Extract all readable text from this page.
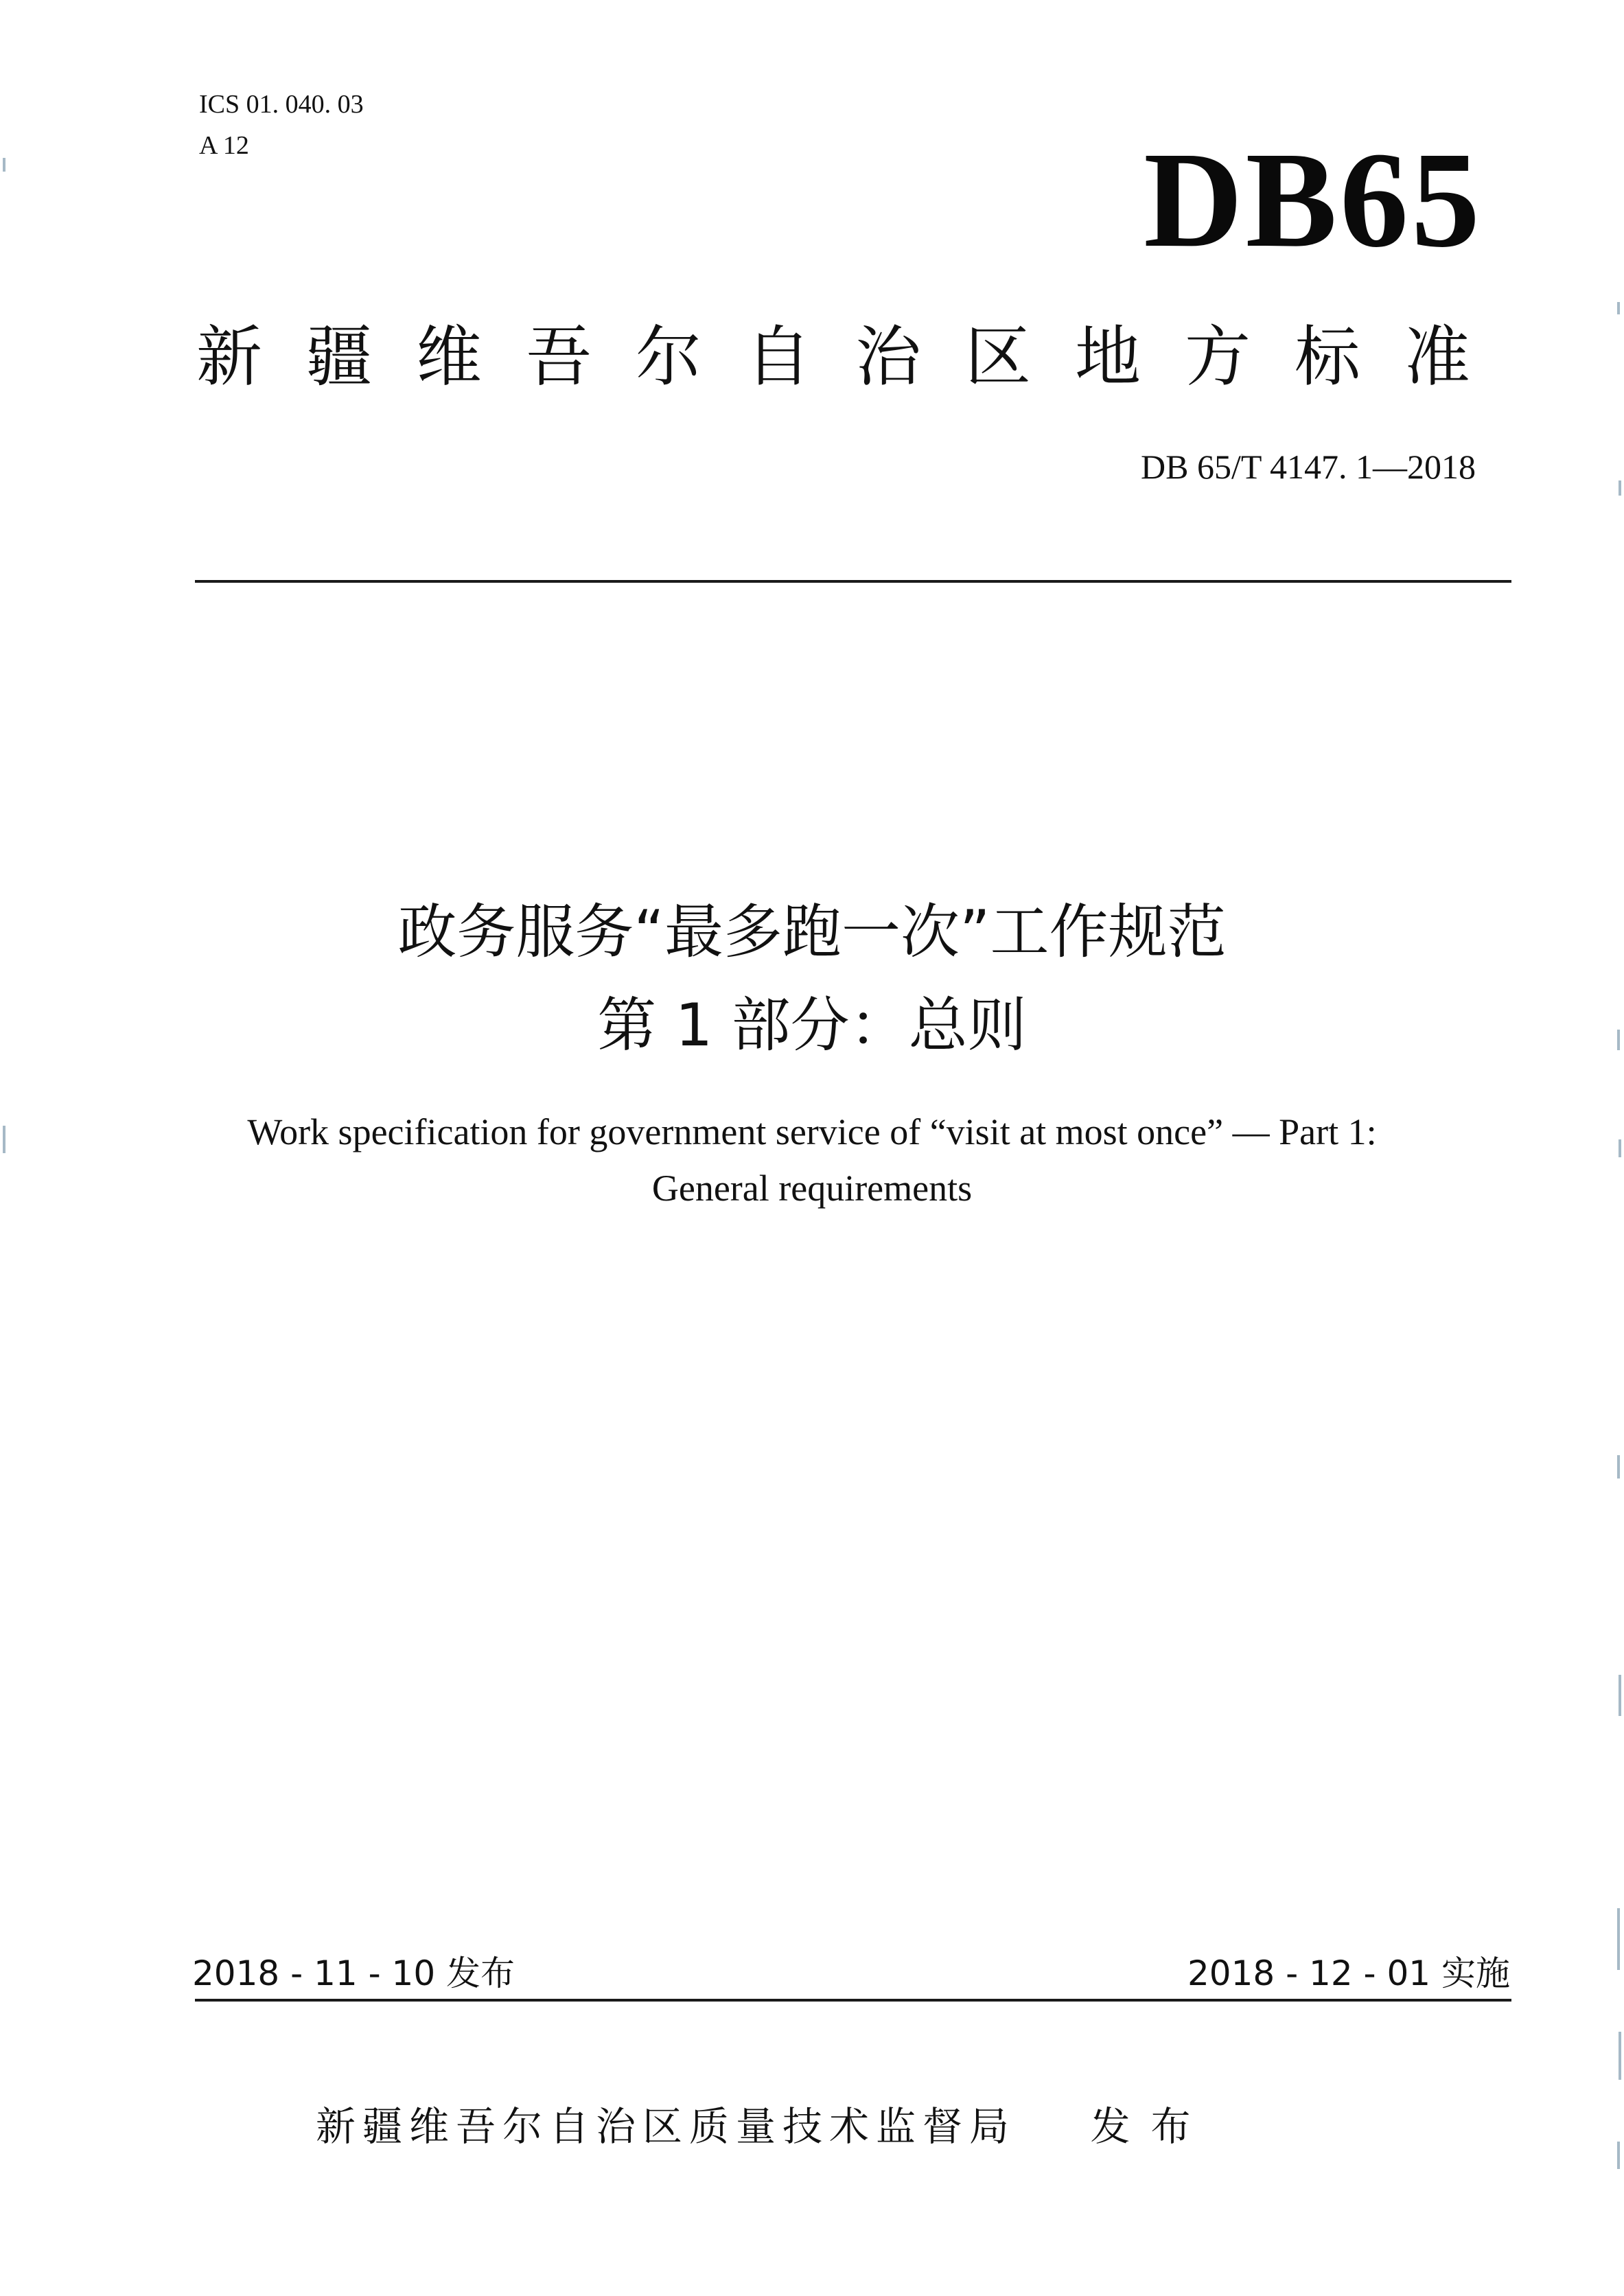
ICS 01. 040. 03
A 12	DB65
新疆维吾尔自治区地方标准
DB 65/T 4147. 1—2018
政务服务“最多跑一次”工作规范
第 1 部分：总则
Work specification for government service of “visit at most once” — Part 1:
General requirements
2018 - 11 - 10 发布	2018 - 12 - 01 实施
新疆维吾尔自治区质量技术监督局 发布
